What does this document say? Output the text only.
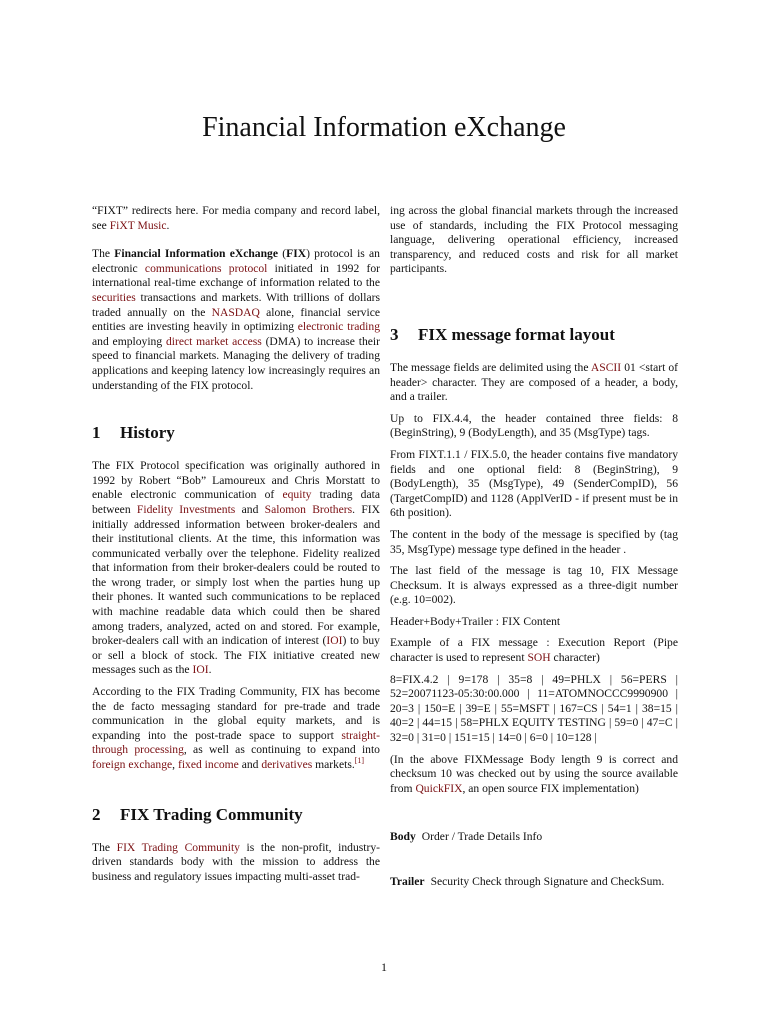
Financial Information eXchange

“FIXT” redirects here. For media company and record label, see FiXT Music.

The Financial Information eXchange (FIX) protocol is an electronic communications protocol initiated in 1992 for international real-time exchange of information related to the securities transactions and markets. With trillions of dollars traded annually on the NASDAQ alone, financial service entities are investing heavily in optimizing electronic trading and employing direct market access (DMA) to increase their speed to financial markets. Managing the delivery of trading applications and keeping latency low increasingly requires an understanding of the FIX protocol.

1 History

The FIX Protocol specification was originally authored in 1992 by Robert “Bob” Lamoureux and Chris Morstatt to enable electronic communication of equity trading data between Fidelity Investments and Salomon Brothers. FIX initially addressed information between broker-dealers and their institutional clients. At the time, this information was communicated verbally over the telephone. Fidelity realized that information from their broker-dealers could be routed to the wrong trader, or simply lost when the parties hung up their phones. It wanted such communications to be replaced with machine readable data which could then be shared among traders, analyzed, acted on and stored. For example, broker-dealers call with an indication of interest (IOI) to buy or sell a block of stock. The FIX initiative created new messages such as the IOI.

According to the FIX Trading Community, FIX has become the de facto messaging standard for pre-trade and trade communication in the global equity markets, and is expanding into the post-trade space to support straight-through processing, as well as continuing to expand into foreign exchange, fixed income and derivatives markets.[1]

2 FIX Trading Community

The FIX Trading Community is the non-profit, industry-driven standards body with the mission to address the business and regulatory issues impacting multi-asset trad-

ing across the global financial markets through the increased use of standards, including the FIX Protocol messaging language, delivering operational efficiency, increased transparency, and reduced costs and risk for all market participants.

3 FIX message format layout

The message fields are delimited using the ASCII 01 <start of header> character. They are composed of a header, a body, and a trailer.

Up to FIX.4.4, the header contained three fields: 8 (BeginString), 9 (BodyLength), and 35 (MsgType) tags.

From FIXT.1.1 / FIX.5.0, the header contains five mandatory fields and one optional field: 8 (BeginString), 9 (BodyLength), 35 (MsgType), 49 (SenderCompID), 56 (TargetCompID) and 1128 (ApplVerID - if present must be in 6th position).

The content in the body of the message is specified by (tag 35, MsgType) message type defined in the header .

The last field of the message is tag 10, FIX Message Checksum. It is always expressed as a three-digit number (e.g. 10=002).

Header+Body+Trailer : FIX Content

Example of a FIX message : Execution Report (Pipe character is used to represent SOH character)

8=FIX.4.2 | 9=178 | 35=8 | 49=PHLX | 56=PERS | 52=20071123-05:30:00.000 | 11=ATOMNOCCC9990900 | 20=3 | 150=E | 39=E | 55=MSFT | 167=CS | 54=1 | 38=15 | 40=2 | 44=15 | 58=PHLX EQUITY TESTING | 59=0 | 47=C | 32=0 | 31=0 | 151=15 | 14=0 | 6=0 | 10=128 |

(In the above FIXMessage Body length 9 is correct and checksum 10 was checked out by using the source available from QuickFIX, an open source FIX implementation)

Body Order / Trade Details Info

Trailer Security Check through Signature and CheckSum.

1
